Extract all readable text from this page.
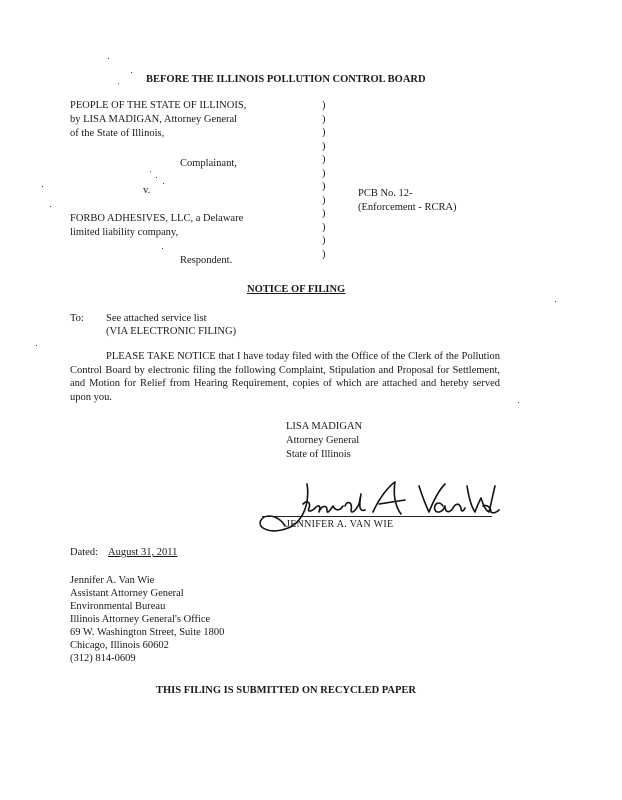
BEFORE THE ILLINOIS POLLUTION CONTROL BOARD
PEOPLE OF THE STATE OF ILLINOIS,
by LISA MADIGAN, Attorney General
of the State of Illinois,
Complainant,
v.
FORBO ADHESIVES, LLC, a Delaware
limited liability company,
Respondent.
)
)
)
)
)
)
)
)
)
)
)
)
PCB No. 12-
(Enforcement - RCRA)
NOTICE OF FILING
To: See attached service list
(VIA ELECTRONIC FILING)
PLEASE TAKE NOTICE that I have today filed with the Office of the Clerk of the Pollution Control Board by electronic filing the following Complaint, Stipulation and Proposal for Settlement, and Motion for Relief from Hearing Requirement, copies of which are attached and hereby served upon you.
LISA MADIGAN
Attorney General
State of Illinois
JENNIFER A. VAN WIE
Dated: August 31, 2011
Jennifer A. Van Wie
Assistant Attorney General
Environmental Bureau
Illinois Attorney General's Office
69 W. Washington Street, Suite 1800
Chicago, Illinois 60602
(312) 814-0609
THIS FILING IS SUBMITTED ON RECYCLED PAPER
